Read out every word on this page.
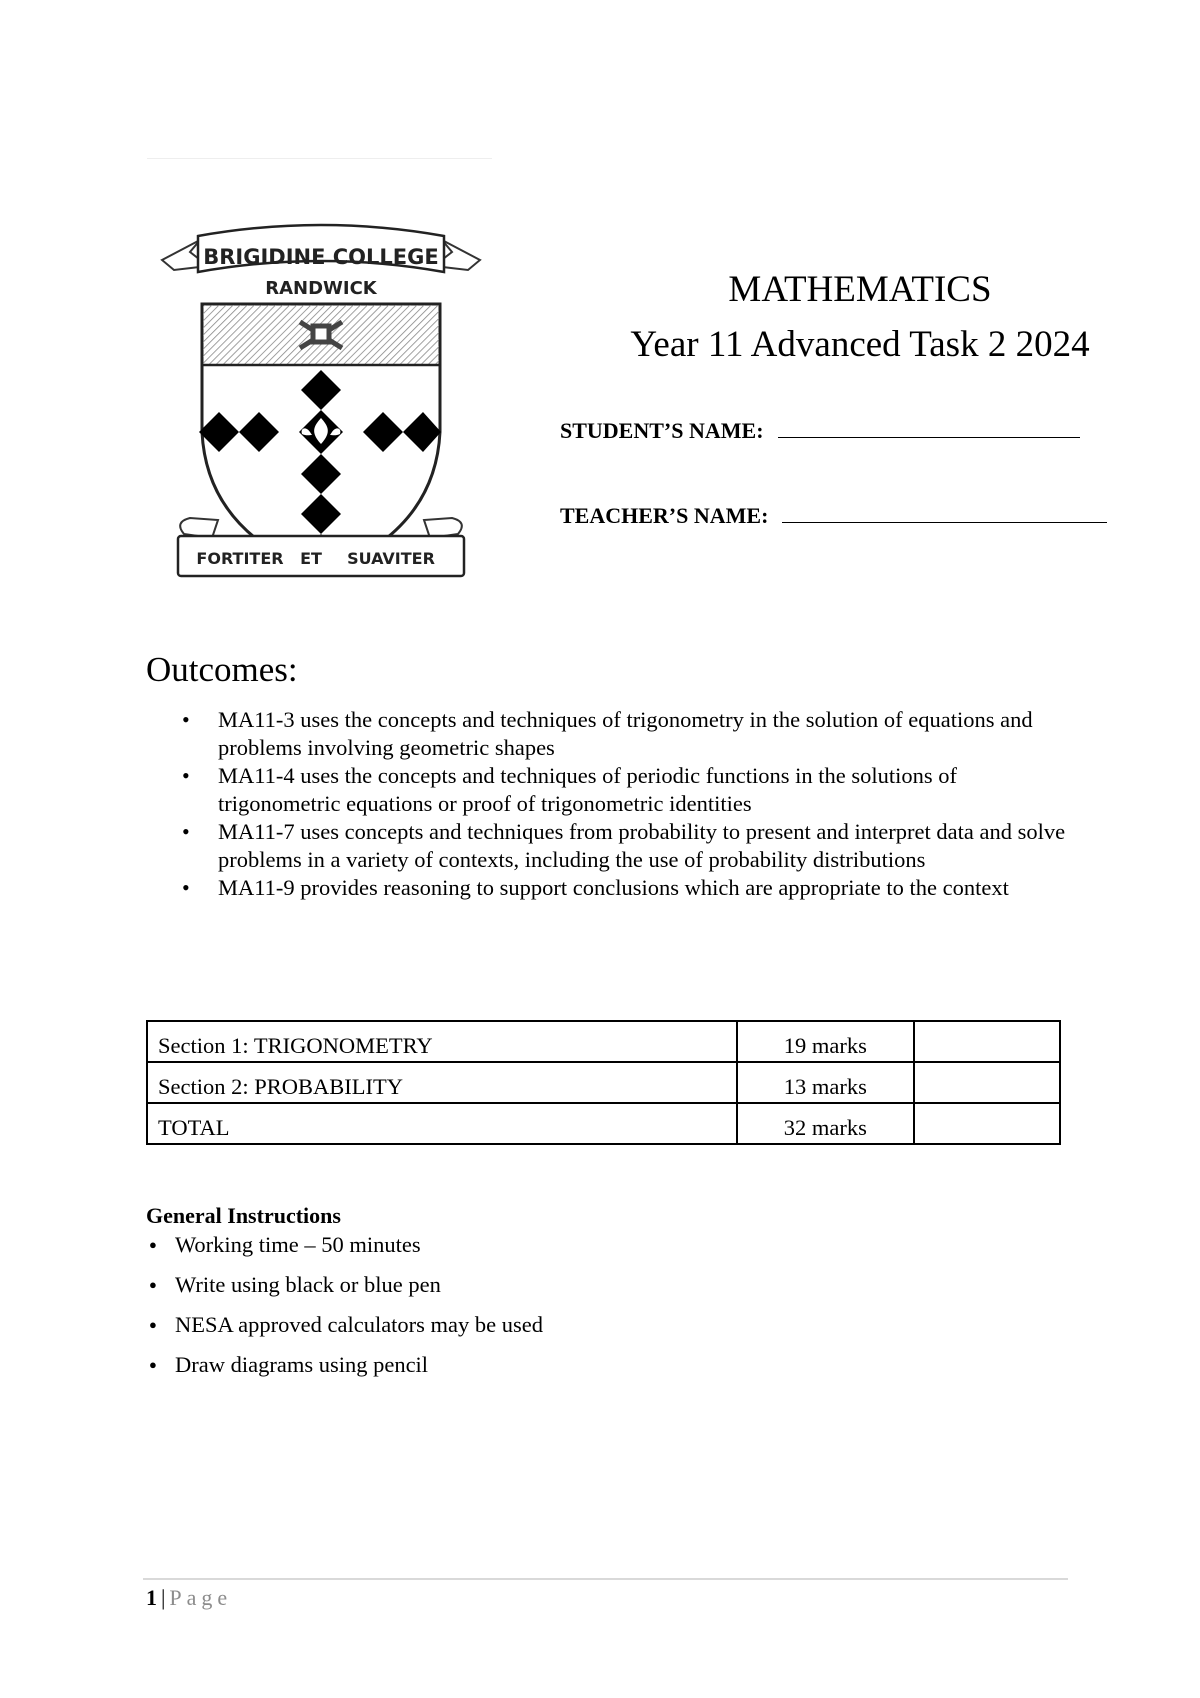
BRIGIDINE COLLEGE
RANDWICK
FORTITER ET SUAVITER
MATHEMATICS
Year 11 Advanced Task 2 2024
STUDENT’S NAME:
TEACHER’S NAME:
Outcomes:
• MA11-3 uses the concepts and techniques of trigonometry in the solution of equations and problems involving geometric shapes
• MA11-4 uses the concepts and techniques of periodic functions in the solutions of trigonometric equations or proof of trigonometric identities
• MA11-7 uses concepts and techniques from probability to present and interpret data and solve problems in a variety of contexts, including the use of probability distributions
• MA11-9 provides reasoning to support conclusions which are appropriate to the context
Section 1: TRIGONOMETRY	19 marks	
Section 2: PROBABILITY	13 marks	
TOTAL	32 marks	
General Instructions
● Working time – 50 minutes
● Write using black or blue pen
● NESA approved calculators may be used
● Draw diagrams using pencil
1 | Page
